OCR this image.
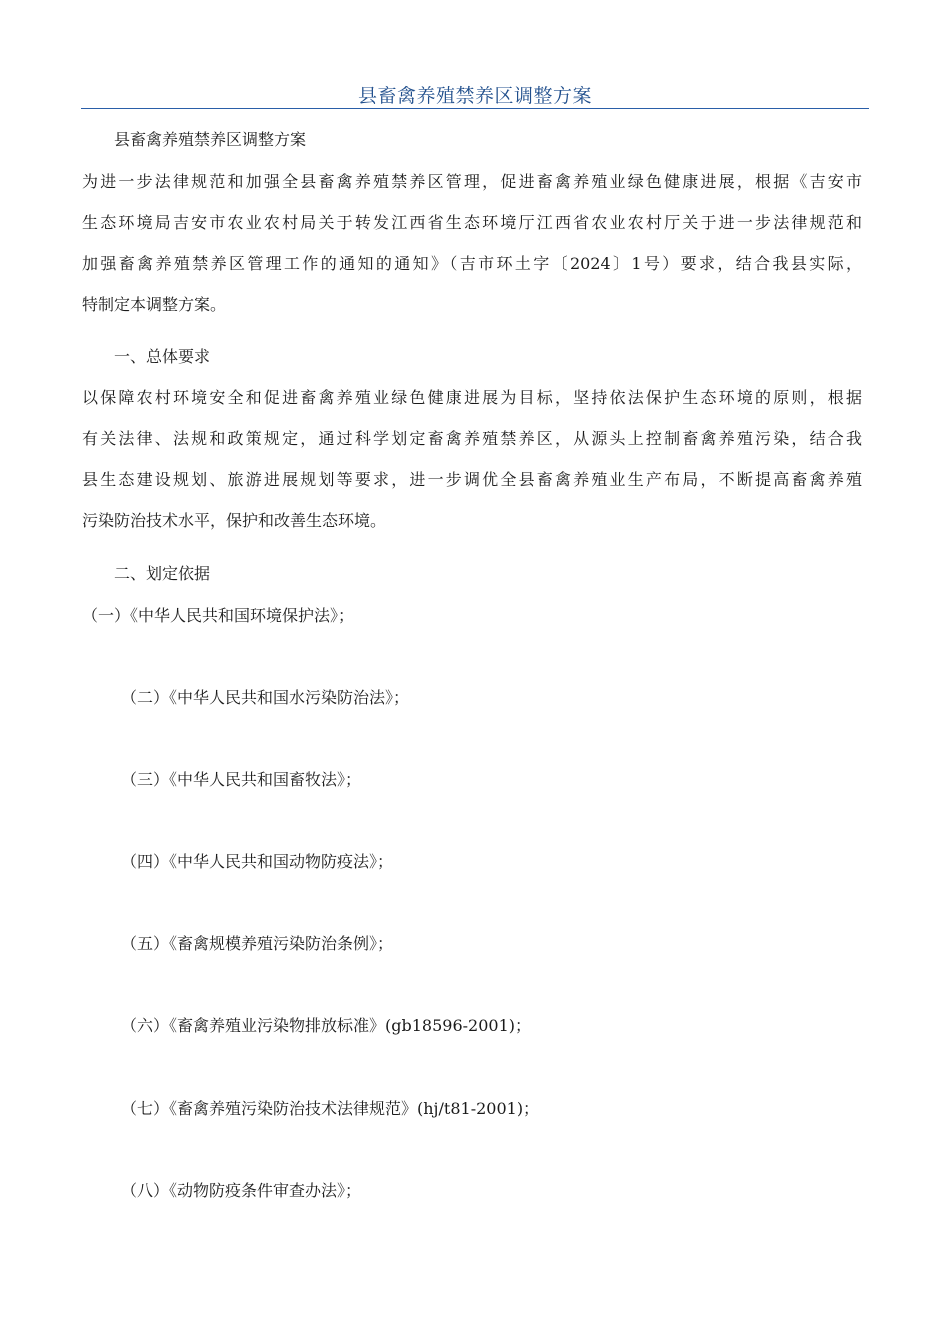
县畜禽养殖禁养区调整方案
县畜禽养殖禁养区调整方案
为进一步法律规范和加强全县畜禽养殖禁养区管理，促进畜禽养殖业绿色健康进展，根据《吉安市
生态环境局吉安市农业农村局关于转发江西省生态环境厅江西省农业农村厅关于进一步法律规范和
加强畜禽养殖禁养区管理工作的通知的通知》（吉市环土字〔2024〕1号）要求，结合我县实际，
特制定本调整方案。
一、总体要求
以保障农村环境安全和促进畜禽养殖业绿色健康进展为目标，坚持依法保护生态环境的原则，根据
有关法律、法规和政策规定，通过科学划定畜禽养殖禁养区，从源头上控制畜禽养殖污染，结合我
县生态建设规划、旅游进展规划等要求，进一步调优全县畜禽养殖业生产布局，不断提高畜禽养殖
污染防治技术水平，保护和改善生态环境。
二、划定依据
（一）《中华人民共和国环境保护法》；
（二）《中华人民共和国水污染防治法》；
（三）《中华人民共和国畜牧法》；
（四）《中华人民共和国动物防疫法》；
（五）《畜禽规模养殖污染防治条例》；
（六）《畜禽养殖业污染物排放标准》(gb18596-2001)；
（七）《畜禽养殖污染防治技术法律规范》(hj/t81-2001)；
（八）《动物防疫条件审查办法》；
